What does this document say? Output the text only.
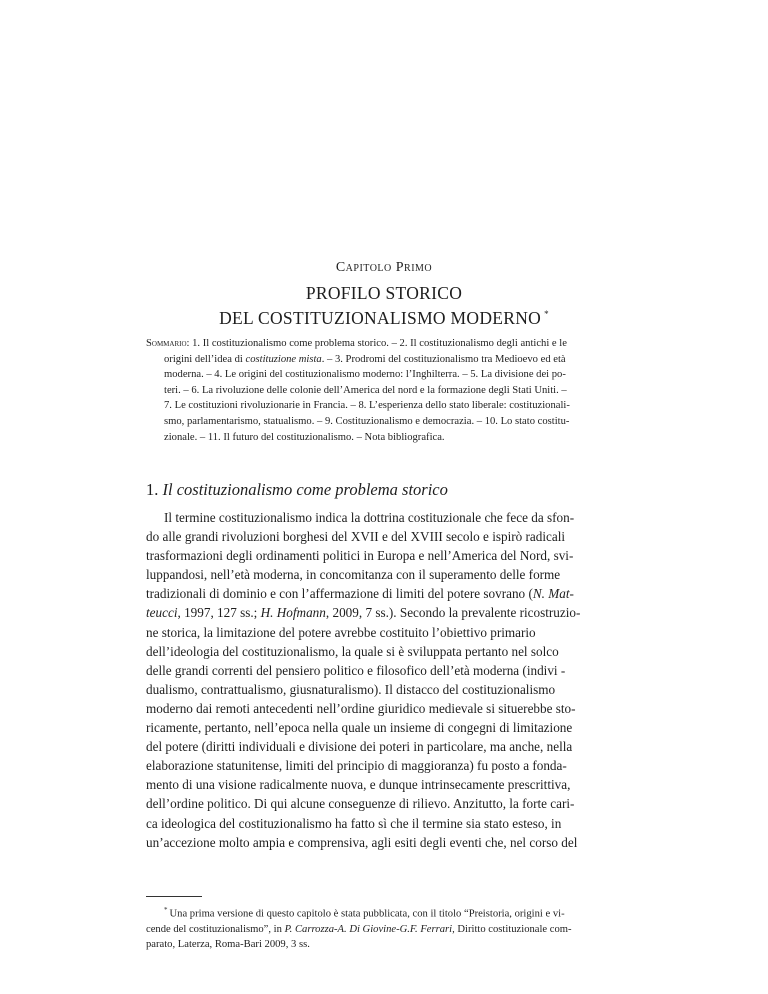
Capitolo Primo
PROFILO STORICO
DEL COSTITUZIONALISMO MODERNO *
Sommario: 1. Il costituzionalismo come problema storico. – 2. Il costituzionalismo degli antichi e le
origini dell’idea di costituzione mista. – 3. Prodromi del costituzionalismo tra Medioevo ed età
moderna. – 4. Le origini del costituzionalismo moderno: l’Inghilterra. – 5. La divisione dei po-
teri. – 6. La rivoluzione delle colonie dell’America del nord e la formazione degli Stati Uniti. –
7. Le costituzioni rivoluzionarie in Francia. – 8. L’esperienza dello stato liberale: costituzionali-
smo, parlamentarismo, statualismo. – 9. Costituzionalismo e democrazia. – 10. Lo stato costitu-
zionale. – 11. Il futuro del costituzionalismo. – Nota bibliografica.
1. Il costituzionalismo come problema storico
Il termine costituzionalismo indica la dottrina costituzionale che fece da sfon-
do alle grandi rivoluzioni borghesi del XVII e del XVIII secolo e ispirò radicali
trasformazioni degli ordinamenti politici in Europa e nell’America del Nord, svi-
luppandosi, nell’età moderna, in concomitanza con il superamento delle forme
tradizionali di dominio e con l’affermazione di limiti del potere sovrano (N. Mat-
teucci, 1997, 127 ss.; H. Hofmann, 2009, 7 ss.). Secondo la prevalente ricostruzio-
ne storica, la limitazione del potere avrebbe costituito l’obiettivo primario
dell’ideologia del costituzionalismo, la quale si è sviluppata pertanto nel solco
delle grandi correnti del pensiero politico e filosofico dell’età moderna (indivi -
dualismo, contrattualismo, giusnaturalismo). Il distacco del costituzionalismo
moderno dai remoti antecedenti nell’ordine giuridico medievale si situerebbe sto-
ricamente, pertanto, nell’epoca nella quale un insieme di congegni di limitazione
del potere (diritti individuali e divisione dei poteri in particolare, ma anche, nella
elaborazione statunitense, limiti del principio di maggioranza) fu posto a fonda-
mento di una visione radicalmente nuova, e dunque intrinsecamente prescrittiva,
dell’ordine politico. Di qui alcune conseguenze di rilievo. Anzitutto, la forte cari-
ca ideologica del costituzionalismo ha fatto sì che il termine sia stato esteso, in
un’accezione molto ampia e comprensiva, agli esiti degli eventi che, nel corso del
* Una prima versione di questo capitolo è stata pubblicata, con il titolo “Preistoria, origini e vi-
cende del costituzionalismo”, in P. Carrozza-A. Di Giovine-G.F. Ferrari, Diritto costituzionale com-
parato, Laterza, Roma-Bari 2009, 3 ss.
